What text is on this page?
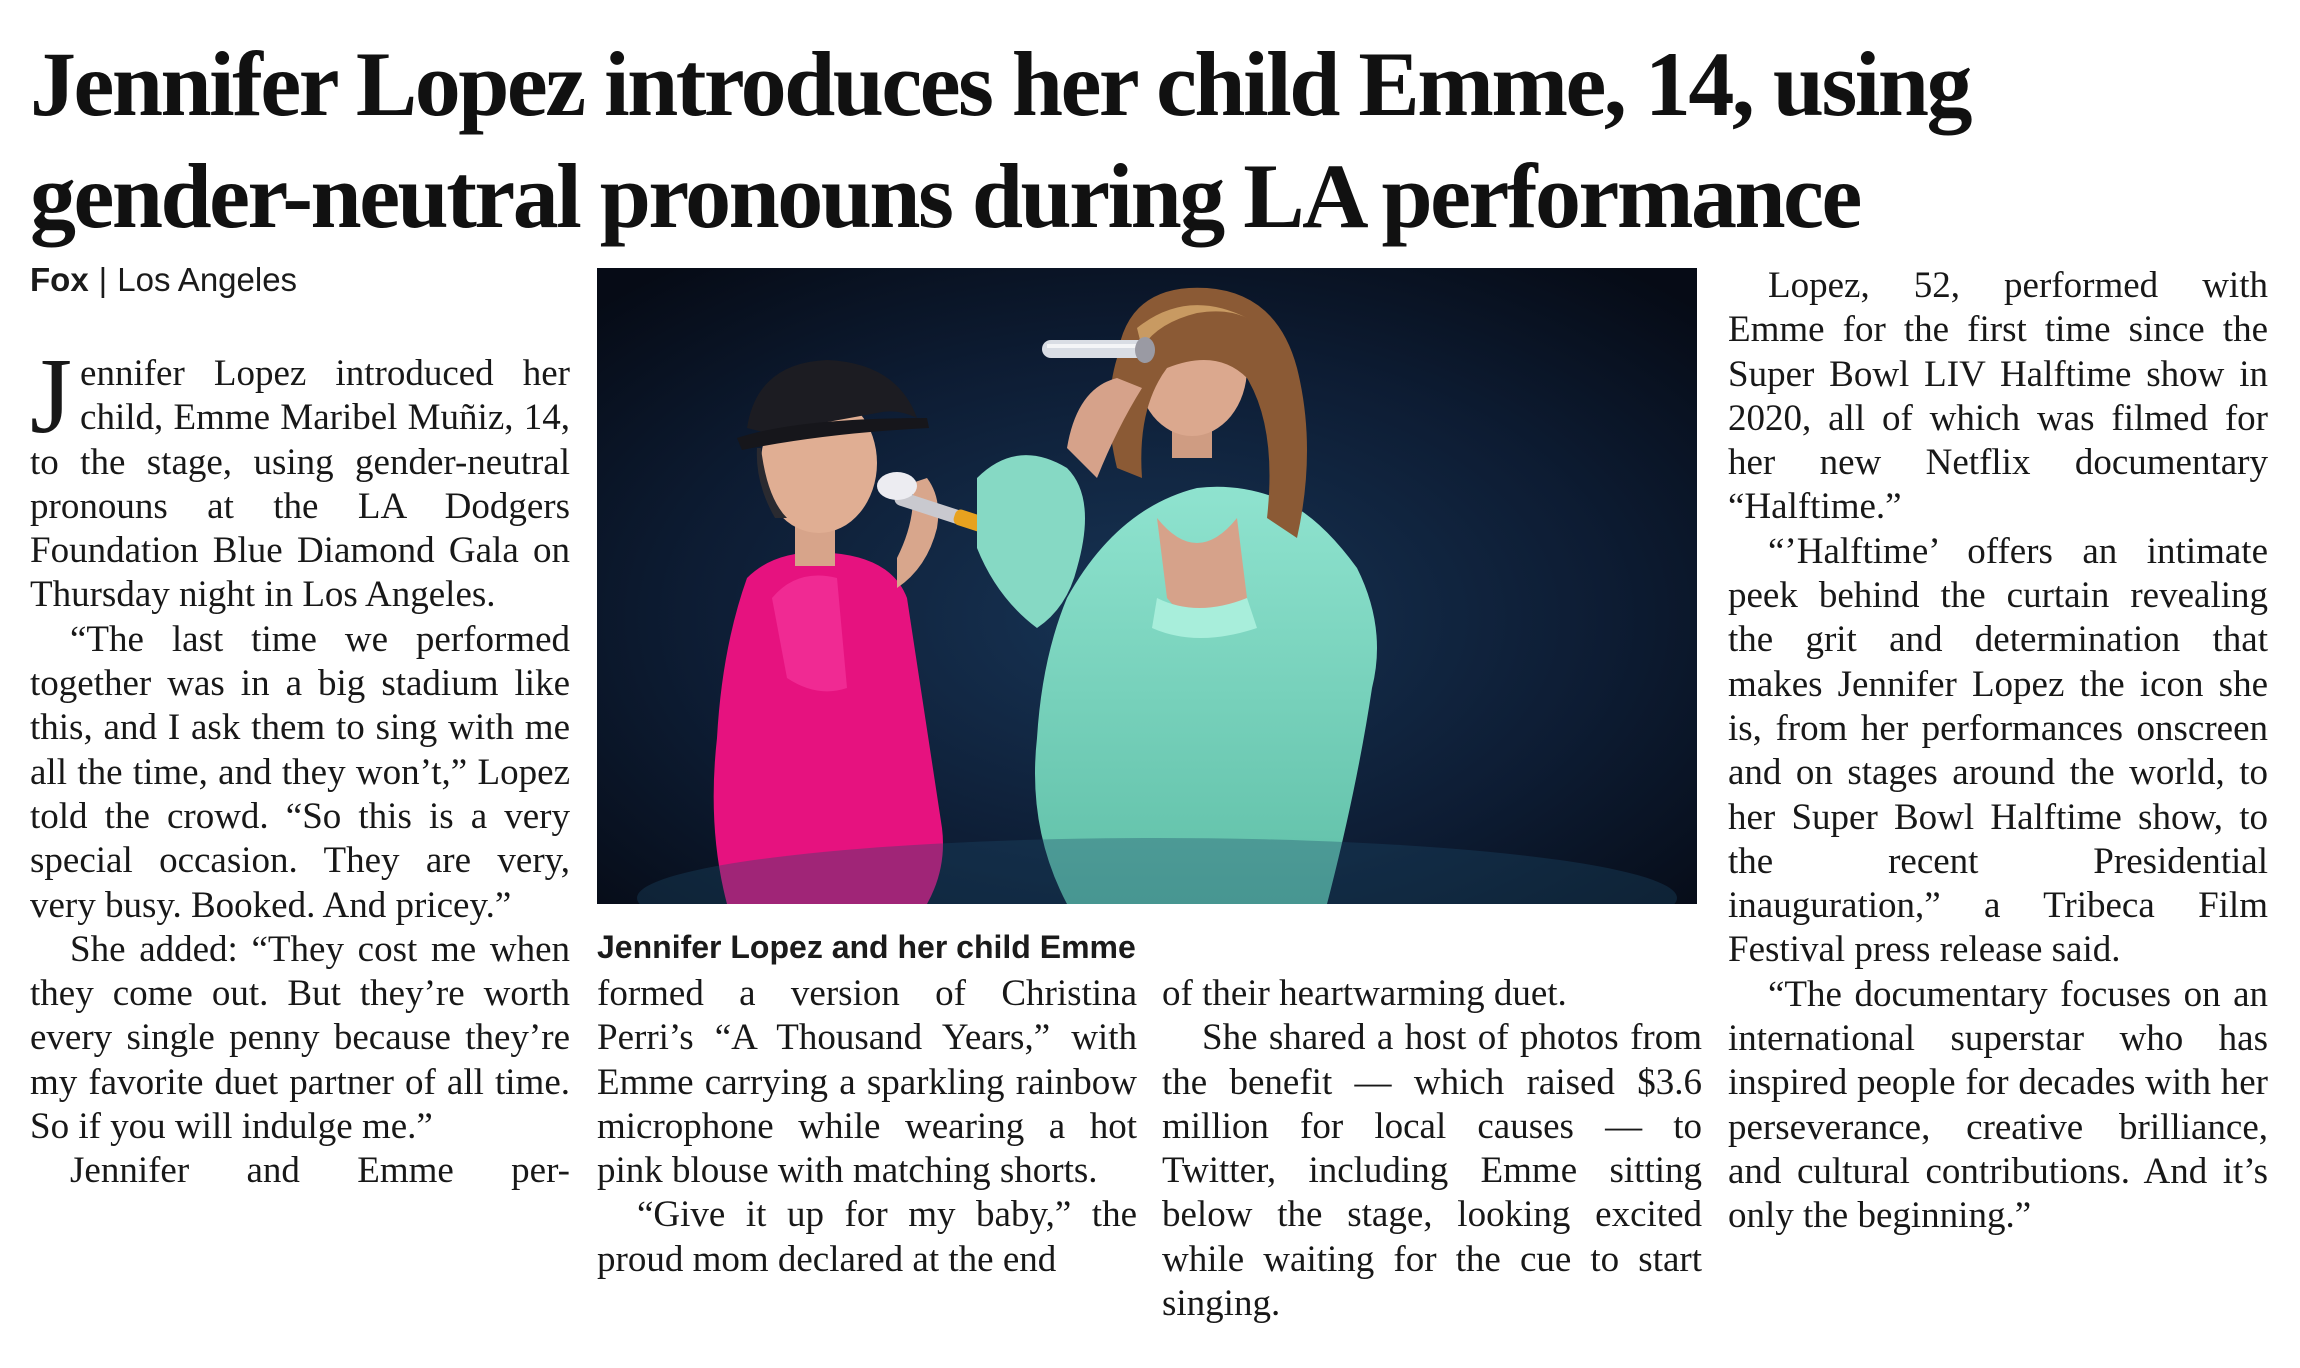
Jennifer Lopez introduces her child Emme, 14, using
gender-neutral pronouns during LA performance
Fox | Los Angeles

Jennifer Lopez introduced her child, Emme Maribel Muñiz, 14, to the stage, using gender-neutral pronouns at the LA Dodgers Foundation Blue Diamond Gala on Thursday night in Los Angeles.

“The last time we performed together was in a big stadium like this, and I ask them to sing with me all the time, and they won’t,” Lopez told the crowd. “So this is a very special occasion. They are very, very busy. Booked. And pricey.”

She added: “They cost me when they come out. But they’re worth every single penny because they’re my favorite duet partner of all time. So if you will indulge me.”

Jennifer and Emme per-

Jennifer Lopez and her child Emme

formed a version of Christina Perri’s “A Thousand Years,” with Emme carrying a sparkling rainbow microphone while wearing a hot pink blouse with matching shorts.

“Give it up for my baby,” the proud mom declared at the end

of their heartwarming duet.

She shared a host of photos from the benefit — which raised $3.6 million for local causes — to Twitter, including Emme sitting below the stage, looking excited while waiting for the cue to start singing.

Lopez, 52, performed with Emme for the first time since the Super Bowl LIV Halftime show in 2020, all of which was filmed for her new Netflix documentary “Halftime.”

“’Halftime’ offers an intimate peek behind the curtain revealing the grit and determination that makes Jennifer Lopez the icon she is, from her performances onscreen and on stages around the world, to her Super Bowl Halftime show, to the recent Presidential inauguration,” a Tribeca Film Festival press release said.

“The documentary focuses on an international superstar who has inspired people for decades with her perseverance, creative brilliance, and cultural contributions. And it’s only the beginning.”
